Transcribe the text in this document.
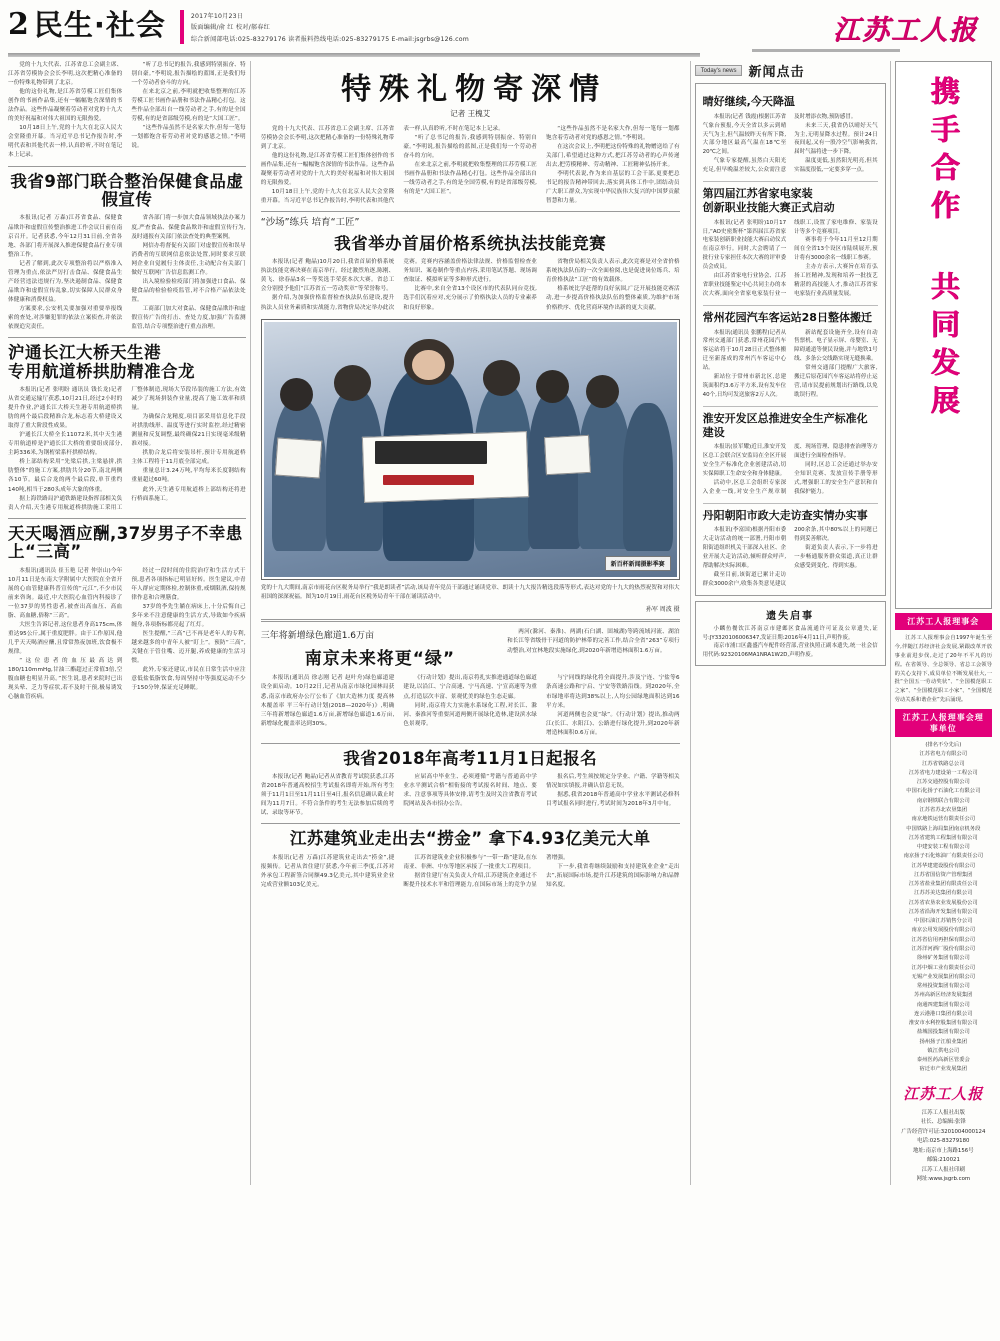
2 民生·社会	2017年10月23日
版面编辑/俞 红 校对/郝春红
综合新闻部电话:025-83279176 读者报料热线电话:025-83279175 E-mail:jsgrbs@126.com	江苏工人报

党的十九大代表、江苏省总工会副主席、江苏省劳模协会会长李明,这次把精心准备的一份特殊礼物带到了北京。

他的这份礼物,是江苏省劳模工匠们集体创作的书画作品集,还有一幅幅饱含深情的书法作品。这些作品凝聚着劳动者对党的十九大的美好祝福和对伟大祖国的无限热爱。

10月18日上午,党的十九大在北京人民大会堂隆重开幕。当习近平总书记作报告时,李明代表和其他代表一样,认真聆听,不时在笔记本上记录。

“听了总书记的报告,我感到特别振奋、特别自豪。”李明说,报告描绘的蓝图,正是我们每一个劳动者奋斗的方向。

在来北京之前,李明就把收集整理的江苏劳模工匠书画作品册和书法作品精心打包。这些作品全部出自一线劳动者之手,有的是全国劳模,有的是省部级劳模,有的是“大国工匠”。

“这些作品虽然不是名家大作,但每一笔每一划都饱含着劳动者对党的感恩之情。”李明说。

我省9部门联合整治保健食品虚假宣传

本报讯(记者 万森)江苏省食品、保健食品欺诈和虚假宣传整治推进工作会议日前在南京召开。记者获悉,今年12月31日前,全省各地、各部门将开展深入推进保健食品行业专项整治工作。

记者了解到,此次专项整治将以严格准入管理为重点,依法严厉打击食品、保健食品生产经营违法违规行为,坚决遏制食品、保健食品欺诈和虚假宣传乱象,切实保障人民群众身体健康和消费权益。

方案要求,公安机关要加强对重要举报线索的查处,对涉嫌犯罪的依法立案侦查,并依法依规追究责任。

省各部门将一步加大食品领域执法办案力度,严查食品、保健食品欺诈和虚假宣传行为,及时通报有关部门依法查处的典型案例。

网信办将督促有关部门对虚假宣传和误导消费者的互联网信息依法处置,同时要求互联网企业自觉履行主体责任,主动配合有关部门做好互联网广告信息监测工作。

出入境检验检疫部门将加强进口食品、保健食品的检验检疫监管,对不合格产品依法处置。

工商部门加大对食品、保健食品欺诈和虚假宣传广告的打击、查处力度,加强广告监测监管,结合专项整治进行重点治理。

沪通长江大桥天生港
专用航道桥拱肋精准合龙

本报讯(记者 张明盼 通讯员 钱长龙)记者从省交通运输厅获悉,10月21日,经过2小时的提升作业,沪通长江大桥天生港专用航道桥拱肋的两个最后段精准合龙,标志着大桥建设又取得了重大阶段性成果。

沪通长江大桥全长11072米,其中天生港专用航道桥是沪通长江大桥的重要组成部分,主跨336米,为钢桁梁系杆拱桥结构。

桥上部结构采用“先梁后拱,主梁悬拼,拱肋整体”的施工方案,拱肋共分20节,南北两侧各10节。最后合龙的两个最后段,单节重约140吨,相当于280头成年大象的体重。

据上海铁路局沪通铁路建设指挥部相关负责人介绍,天生港专用航道桥拱肋施工采用工厂整体制造,现场大节段吊装的施工方法,有效减少了现场拼装作业量,提高了施工效率和质量。

为确保合龙精度,项目部采用信息化手段对拱肋线形、温度等进行实时监控,经过精密测量和反复调整,最终确保21日实现毫米级精准对接。

拱肋合龙后将安装吊杆,预计专用航道桥主体工程将于11月底全部完成。

重量总计3.24万吨,平均每米长度钢结构重量超过60吨。

此外,天生港专用航道桥上部结构还将进行桥面系施工。

天天喝酒应酬,37岁男子不幸患上“三高”

本报讯(通讯员 崔玉艳 记者 仲崇山)今年10月11日是东南大学附属中大医院在全省开展的心血管健康科普宣传的“元江”,不少市民前来咨询。最近,中大医院心血管内科接诊了一位37岁的男性患者,被查出高血压、高血脂、高血糖,俗称“三高”。

大医生告诉记者,这位患者身高175cm,体重达95公斤,属于重度肥胖。由于工作原因,他几乎天天喝酒应酬,且常常熬夜加班,饮食极不规律。

“这位患者的血压最高达到180/110mmHg,甘油三酯超过正常值3倍,空腹血糖也明显升高。”医生说,患者来院时已出现头晕、乏力等症状,若不及时干预,极易诱发心脑血管疾病。

经过一段时间的住院治疗和生活方式干预,患者各项指标已明显好转。医生建议,中青年人群应定期体检,控制体重,戒烟限酒,保持规律作息和合理膳食。

37岁的李先生躺在病床上,十分后悔自己多年来不注意健康的生活方式,导致如今疾病缠身,各项指标都亮起了红灯。

医生提醒,“三高”已不再是老年人的专利,越来越多的中青年人被“盯上”。预防“三高”,关键在于管住嘴、迈开腿,养成健康的生活习惯。

此外,专家还建议,市民在日常生活中应注意低盐低脂饮食,每周坚持中等强度运动不少于150分钟,保证充足睡眠。

特殊礼物寄深情
记者 王槐艾

党的十九大代表、江苏省总工会副主席、江苏省劳模协会会长李明,这次把精心准备的一份特殊礼物带到了北京。

他的这份礼物,是江苏省劳模工匠们集体创作的书画作品集,还有一幅幅饱含深情的书法作品。这些作品凝聚着劳动者对党的十九大的美好祝福和对伟大祖国的无限热爱。

10月18日上午,党的十九大在北京人民大会堂隆重开幕。当习近平总书记作报告时,李明代表和其他代表一样,认真聆听,不时在笔记本上记录。

“听了总书记的报告,我感到特别振奋、特别自豪。”李明说,报告描绘的蓝图,正是我们每一个劳动者奋斗的方向。

在来北京之前,李明就把收集整理的江苏劳模工匠书画作品册和书法作品精心打包。这些作品全部出自一线劳动者之手,有的是全国劳模,有的是省部级劳模,有的是“大国工匠”。

“这些作品虽然不是名家大作,但每一笔每一划都饱含着劳动者对党的感恩之情。”李明说。

在这次会议上,李明把这份特殊的礼物赠送给了有关部门,希望通过这种方式,把江苏劳动者的心声传递出去,把劳模精神、劳动精神、工匠精神弘扬开来。

李明代表说,作为来自基层的工会干部,更要把总书记的报告精神带回去,落实到具体工作中,团结动员广大职工群众,为实现中华民族伟大复兴的中国梦贡献智慧和力量。

“沙场”练兵 培育“工匠”
我省举办首届价格系统执法技能竞赛

本报讯(记者 鲍晶)10月20日,我省首届价格系统执法技能竞赛决赛在南京举行。经过激烈角逐,陈刚、黄飞、徐春晶3名一等奖选手荣获本次大赛。省总工会分别授予他们“江苏省五一劳动奖章”等荣誉称号。

据介绍,为加强价格监督检查执法队伍建设,提升执法人员业务素质和实战能力,省物价局决定举办此次竞赛。竞赛内容涵盖价格法律法规、价格监督检查业务知识、案卷制作等重点内容,采用笔试答题、现场调查取证、模拟听证等多种形式进行。

比赛中,来自全省13个设区市的代表队同台竞技,选手们沉着应对,充分展示了价格执法人员的专业素养和良好形象。

省物价局相关负责人表示,此次竞赛是对全省价格系统执法队伍的一次全面检阅,也是促进岗位练兵、培育价格执法“工匠”的有效载体。

格系统比学赶帮的良好氛围,广泛开展技能竞赛活动,进一步提高价格执法队伍的整体素质,为维护市场价格秩序、优化营商环境作出新的更大贡献。

新百杯新闻摄影季赛
党的十九大期间,南京市雨花台区税务局举行“我是朗读者”活动,该局青年党员干部通过诵读党章、朗读十九大报告精选段落等形式,表达对党的十九大的热烈祝贺和对伟大祖国的深深祝福。图为10月19日,雨花台区税务局青年干部在诵读活动中。
孙军 周波 摄
三年将新增绿色廊道1.6万亩
南京未来将更“绿”

两河(滁河、秦淮)、两湖(石臼湖、固城湖)等跨流域河流、湖泊和长江等省级骨干河道的防护林带的完善工作,结合全省“263”专项行动整治,对宜林地段实施绿化,到2020年新增造林面积1.6万亩。

本报讯(通讯员 徐志刚 记者 赵叶舟)绿色廊道建设全面启动。10月22日,记者从南京市绿化园林局获悉,南京市政府办公厅公布了《加大造林力度 提高林木覆盖率 平三年行动计划(2018—2020年)》,明确三年将新增绿色廊道1.6万亩,新增绿色廊道1.6万亩,新增绿化覆盖率达到30%。

《行动计划》提出,南京将扎实推进通道绿色廊道建设,以沿江、宁合高速、宁马高速、宁宣高速等为重点,打造层次丰富、景观优美的绿色生态走廊。

同时,南京将大力实施水系绿化工程,对长江、滁河、秦淮河等重要河道两侧开展绿化造林,建设滨水绿色景观带。

与宁同线的绿化将全面提升,涉及宁连、宁盐等6条高速公路和宁启、宁安等铁路沿线。到2020年,全市绿地率将达到38%以上,人均公园绿地面积达到16平方米。

河道两侧也会更“绿”。《行动计划》提出,推动两江(长江、水阳江)、公路进行绿化提升,到2020年新增造林面积0.6万亩。

我省2018年高考11月1日起报名

本报讯(记者 鲍晶)记者从省教育考试院获悉,江苏省2018年普通高校招生考试报名即将开始,所有考生须于11月1日至11月11日至4日,报名信息确认截止时间为11月7日。不符合条件的考生无法参加后续的考试、录取等环节。

应届高中毕业生、必须遵循“考籍与普通高中学业水平测试合格”相衔接的考试报名时间、地点、要求、注意事项等具体安排,请考生及时关注省教育考试院网站及各市招办公告。

报名后,考生须按规定分学业、户籍、学籍等相关情况如实填报,并确认信息无误。

据悉,我省2018年普通高中学业水平测试必修科目考试报名同时进行,考试时间为2018年3月中旬。

江苏建筑业走出去“捞金” 拿下4.93亿美元大单

本报讯(记者 万森)江苏建筑业走出去“捞金”,捷报频传。记者从省住建厅获悉,今年前三季度,江苏对外承包工程新签合同额49.3亿美元,其中建筑业企业完成营业额103亿美元。

江苏省建筑业企业积极参与“一带一路”建设,在东南亚、非洲、中东等地区承接了一批重大工程项目。

据省住建厅有关负责人介绍,江苏建筑企业通过不断提升技术水平和管理能力,在国际市场上的竞争力显著增强。

下一步,我省将继续鼓励和支持建筑业企业“走出去”,拓展国际市场,提升江苏建筑的国际影响力和品牌知名度。

Today's news 新闻点击
晴好继续,今天降温

本报讯(记者 钱霞)根据江苏省气象台预报,今天全省以多云到晴天气为主,但气温较昨天有所下降,大部分地区最高气温在18℃至20℃之间。

气象专家提醒,虽然白天阳光充足,但早晚温差较大,公众需注意及时增添衣物,预防感冒。

未来三天,我省仍以晴好天气为主,无明显降水过程。预计24日夜间起,又有一股冷空气影响我省,届时气温将进一步下降。

温度更低,虽然阳光明亮,但其实温度很低,一定要多穿一点。

第四届江苏省家电家装
创新职业技能大赛正式启动

本报讯(记者 张明盼)10月17日,“AO史密斯杯”第四届江苏省家电家装创新职业技能大赛启动仪式在南京举行。同时,大会聘请了一批行业专家担任本次大赛的评审委员会成员。

由江苏省家电行业协会、江苏省职业技能鉴定中心共同主办的本次大赛,面向全省家电家装行业一线职工,设置了家电维修、家装设计等多个竞赛项目。

赛事将于今年11月至12月期间在全省13个设区市陆续展开,预计将有3000余名一线职工参赛。

主办方表示,大赛旨在培育弘扬工匠精神,发现和培养一批技艺精湛的高技能人才,推动江苏省家电家装行业高质量发展。

常州花园汽车客运站28日整体搬迁

本报讯(通讯员 张鹏程)记者从常州交通部门获悉,常州花园汽车客运站将于10月28日正式整体搬迁至新落成的常州汽车客运中心站。

新站位于常州市新北区,总建筑面积约3.6万平方米,设有发车位40个,日均可发送旅客2万人次。

新站配套设施齐全,设有自动售票机、电子显示屏、母婴室、无障碍通道等便民设施,并与地铁1号线、多条公交线路实现无缝换乘。

常州交通部门提醒广大旅客,搬迁后原花园汽车客运站将停止运营,请市民提前规划出行路线,以免耽误行程。

淮安开发区总推进安全生产标准化建设

本报讯(景军耀)近日,淮安开发区总工会联合区安监局在全区开展安全生产标准化企业创建活动,切实保障职工生命安全和身体健康。

活动中,区总工会组织专家深入企业一线,对安全生产规章制度、现场管理、隐患排查治理等方面进行全面检查指导。

同时,区总工会还通过举办安全知识竞赛、发放宣传手册等形式,增强职工的安全生产意识和自我保护能力。

丹阳朝阳市政大走访查实情办实事

本报讯(李富国)根据丹阳市委大走访活动的统一部署,丹阳市朝阳街道组织机关干部深入社区、企业开展大走访活动,倾听群众呼声,帮助解决实际困难。

截至目前,该街道已累计走访群众3000余户,收集各类意见建议200余条,其中80%以上的问题已得到妥善解决。

街道负责人表示,下一步将进一步畅通服务群众渠道,真正让群众感受到变化、得到实惠。

遗失启事

小麟鱼餐饮江苏南京市建邺区食品流通许可证及公章遗失,证号:JY3320106006347,发证日期:2016年4月11日,声明作废。

南京市浦口区鑫盛汽车配件经营部,营业执照正副本遗失,统一社会信用代码:92320106MA1NRA1W2D,声明作废。

携手合作 共同发展
江苏工人报理事会

江苏工人报理事会自1997年诞生至今,伴随江苏经济社会发展,紧跟改革开放事业前进步伐,走过了20年不平凡的历程。在省领导、全总领导、省总工会领导的关心支持下,成员单位不断发展壮大,一批“全国五一劳动奖状”、“全国模范职工之家”、“全国模范职工小家”、“全国模范劳动关系和谐企业”先后涌现。

江苏工人报理事会理事单位
(排名不分先后)
江苏省电力有限公司
江苏省铁路总公司
江苏省电力建设第一工程公司
江苏交通控股有限公司
中国石化扬子石油化工有限公司
南京钢铁联合有限公司
江苏省苏北农垦集团
南京地铁运营有限责任公司
中国铁路上海局集团南京机务段
江苏省建筑工程集团有限公司
中建安装工程有限公司
南京扬子石化炼油厂有限责任公司
江苏华建建设股份有限公司
江苏省国信资产管理集团
江苏省盐业集团有限责任公司
江苏苏美达集团有限公司
江苏省农垦农业发展股份公司
江苏省沿海开发集团有限公司
中国石油江苏销售分公司
南京公用发展股份有限公司
江苏省信用再担保有限公司
江苏洋河酒厂股份有限公司
徐州矿务集团有限公司
江苏中烟工业有限责任公司
无锡产业发展集团有限公司
常州投资集团有限公司
苏州高新区经济发展集团
南通四建集团有限公司
连云港港口集团有限公司
淮安市水利控股集团有限公司
盐城国投集团有限公司
扬州扬子江船业集团
镇江供电公司
泰州医药高新区管委会
宿迁市产业发展集团
江苏工人报
江苏工人报社出版
社长、总编辑:张锋
广告经营许可证:3201004000124
电话:025-83279180
地址:南京市上海路156号
邮编:210021
江苏工人报社印刷
网址:www.jsgrb.com
